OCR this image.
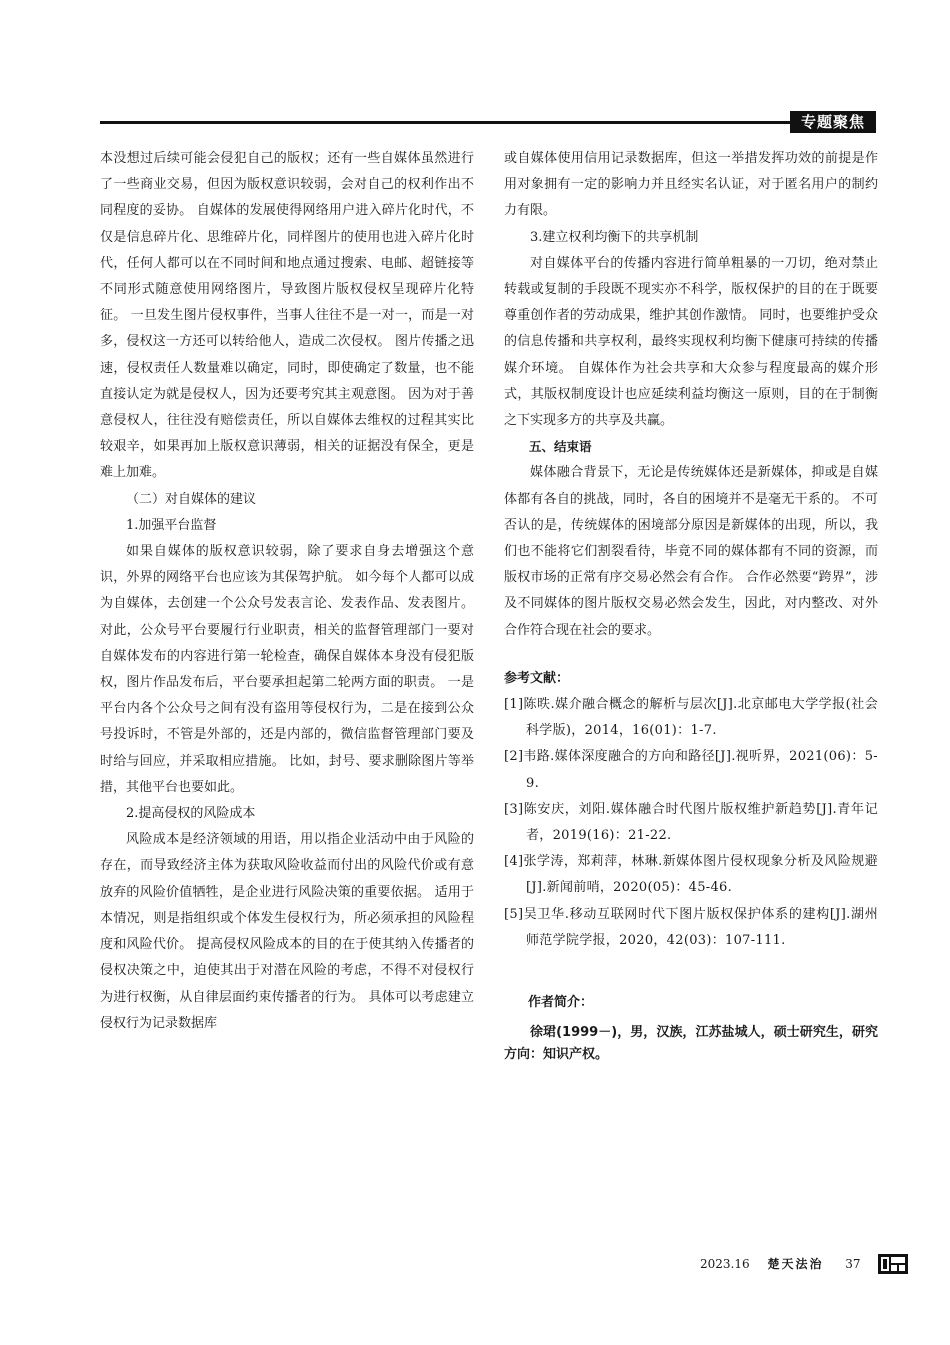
专题聚焦

本没想过后续可能会侵犯自己的版权；还有一些自媒体虽然进行了一些商业交易，但因为版权意识较弱，会对自己的权利作出不同程度的妥协。 自媒体的发展使得网络用户进入碎片化时代，不仅是信息碎片化、思维碎片化，同样图片的使用也进入碎片化时代，任何人都可以在不同时间和地点通过搜索、电邮、超链接等不同形式随意使用网络图片，导致图片版权侵权呈现碎片化特征。 一旦发生图片侵权事件，当事人往往不是一对一，而是一对多，侵权这一方还可以转给他人，造成二次侵权。 图片传播之迅速，侵权责任人数量难以确定，同时，即使确定了数量，也不能直接认定为就是侵权人，因为还要考究其主观意图。 因为对于善意侵权人，往往没有赔偿责任，所以自媒体去维权的过程其实比较艰辛，如果再加上版权意识薄弱，相关的证据没有保全，更是难上加难。

（二）对自媒体的建议

1.加强平台监督

如果自媒体的版权意识较弱，除了要求自身去增强这个意识，外界的网络平台也应该为其保驾护航。 如今每个人都可以成为自媒体，去创建一个公众号发表言论、发表作品、发表图片。 对此，公众号平台要履行行业职责，相关的监督管理部门一要对自媒体发布的内容进行第一轮检查，确保自媒体本身没有侵犯版权，图片作品发布后，平台要承担起第二轮两方面的职责。 一是平台内各个公众号之间有没有盗用等侵权行为，二是在接到公众号投诉时，不管是外部的，还是内部的，微信监督管理部门要及时给与回应，并采取相应措施。 比如，封号、要求删除图片等举措，其他平台也要如此。

2.提高侵权的风险成本

风险成本是经济领域的用语，用以指企业活动中由于风险的存在，而导致经济主体为获取风险收益而付出的风险代价或有意放弃的风险价值牺牲，是企业进行风险决策的重要依据。 适用于本情况，则是指组织或个体发生侵权行为，所必须承担的风险程度和风险代价。 提高侵权风险成本的目的在于使其纳入传播者的侵权决策之中，迫使其出于对潜在风险的考虑，不得不对侵权行为进行权衡，从自律层面约束传播者的行为。 具体可以考虑建立侵权行为记录数据库

或自媒体使用信用记录数据库，但这一举措发挥功效的前提是作用对象拥有一定的影响力并且经实名认证，对于匿名用户的制约力有限。

3.建立权利均衡下的共享机制

对自媒体平台的传播内容进行简单粗暴的一刀切，绝对禁止转载或复制的手段既不现实亦不科学，版权保护的目的在于既要尊重创作者的劳动成果，维护其创作激情。 同时，也要维护受众的信息传播和共享权利，最终实现权利均衡下健康可持续的传播媒介环境。 自媒体作为社会共享和大众参与程度最高的媒介形式，其版权制度设计也应延续利益均衡这一原则，目的在于制衡之下实现多方的共享及共赢。

五、结束语

媒体融合背景下，无论是传统媒体还是新媒体，抑或是自媒体都有各自的挑战，同时，各自的困境并不是毫无干系的。 不可否认的是，传统媒体的困境部分原因是新媒体的出现，所以，我们也不能将它们割裂看待，毕竟不同的媒体都有不同的资源，而版权市场的正常有序交易必然会有合作。 合作必然要“跨界”，涉及不同媒体的图片版权交易必然会发生，因此，对内整改、对外合作符合现在社会的要求。

参考文献：

[1]陈昳.媒介融合概念的解析与层次[J].北京邮电大学学报(社会科学版)，2014，16(01)：1-7.

[2]韦路.媒体深度融合的方向和路径[J].视听界，2021(06)：5-9.

[3]陈安庆，刘阳.媒体融合时代图片版权维护新趋势[J].青年记者，2019(16)：21-22.

[4]张学涛，郑莉萍，林琳.新媒体图片侵权现象分析及风险规避[J].新闻前哨，2020(05)：45-46.

[5]吴卫华.移动互联网时代下图片版权保护体系的建构[J].湖州师范学院学报，2020，42(03)：107-111.

作者简介：

徐珺(1999－)，男，汉族，江苏盐城人，硕士研究生，研究方向：知识产权。

2023.16 楚天法治 37
